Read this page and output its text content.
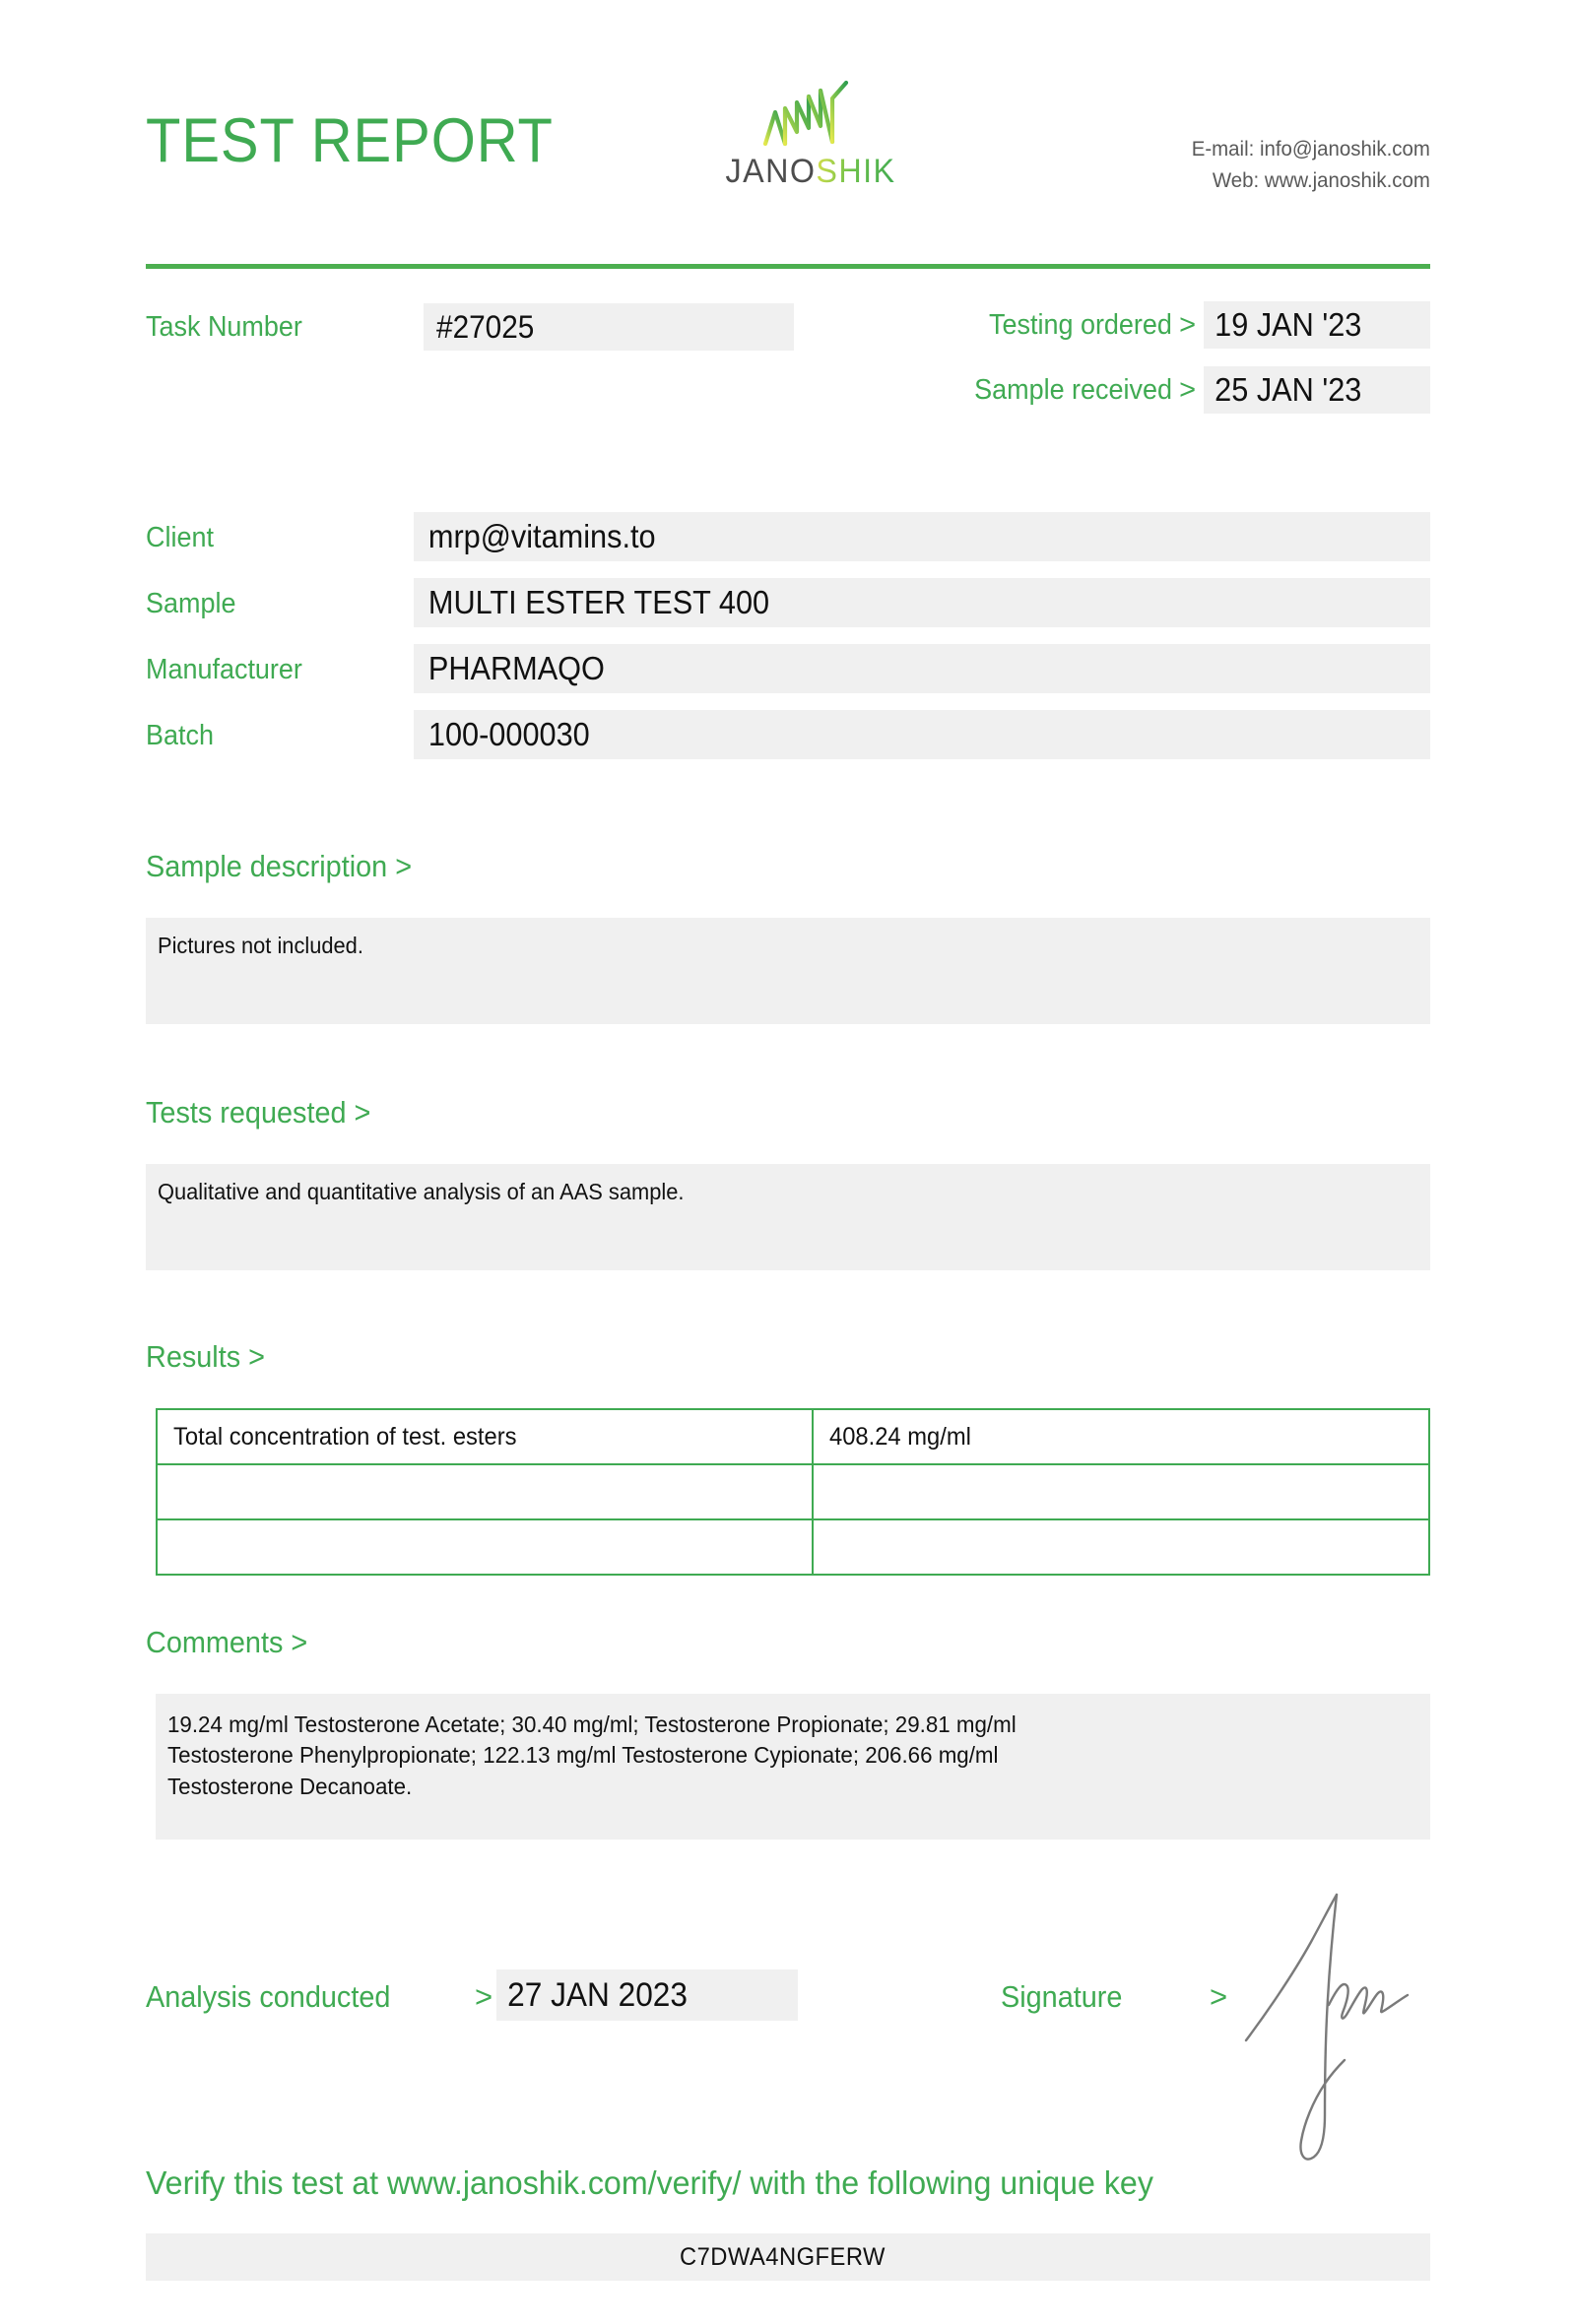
TEST REPORT	JANOSHIK
E-mail: info@janoshik.com
Web: www.janoshik.com
Task Number	#27025	Testing ordered > 19 JAN '23
Sample received > 25 JAN '23
Client	mrp@vitamins.to
Sample	MULTI ESTER TEST 400
Manufacturer	PHARMAQO
Batch	100-000030
Sample description >
Pictures not included.
Tests requested >
Qualitative and quantitative analysis of an AAS sample.
Results >
Total concentration of test. esters	408.24 mg/ml

Comments >
19.24 mg/ml Testosterone Acetate; 30.40 mg/ml; Testosterone Propionate; 29.81 mg/ml
Testosterone Phenylpropionate; 122.13 mg/ml Testosterone Cypionate; 206.66 mg/ml
Testosterone Decanoate.
Analysis conducted	> 27 JAN 2023	Signature	>
Verify this test at www.janoshik.com/verify/ with the following unique key
C7DWA4NGFERW
